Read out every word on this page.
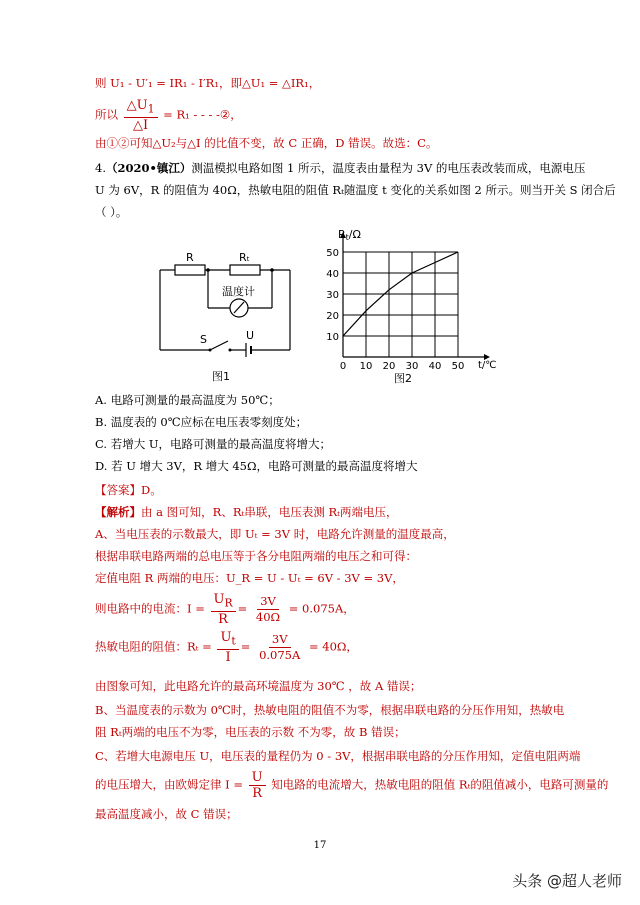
则 U₁ - U′₁ = IR₁ - I′R₁，即△U₁ = △IR₁，
所以 $\frac{\triangle U_1}{\triangle I} = R_1$ - - - -②，
由①②可知△U₂与△I 的比值不变，故 C 正确，D 错误。故选：C。
4.（2020•镇江）测温模拟电路如图 1 所示，温度表由量程为 3V 的电压表改装而成，电源电压
U 为 6V，R 的阻值为 40Ω，热敏电阻的阻值 Rₜ随温度 t 变化的关系如图 2 所示。则当开关 S 闭合后
（ ）。
R	Rₜ
温度计
S	U
图1
0 10 20 30 40 50
10
20
30
40
50
Rt/Ω
t/℃
图2
A. 电路可测量的最高温度为 50℃；
B. 温度表的 0℃应标在电压表零刻度处；
C. 若增大 U，电路可测量的最高温度将增大；
D. 若 U 增大 3V，R 增大 45Ω，电路可测量的最高温度将增大
【答案】D。
【解析】由 a 图可知，R、Rₜ串联，电压表测 Rₜ两端电压，
A、当电压表的示数最大，即 Uₜ = 3V 时，电路允许测量的温度最高，
根据串联电路两端的总电压等于各分电阻两端的电压之和可得：
定值电阻 R 两端的电压：U_R = U - Uₜ = 6V - 3V = 3V，
则电路中的电流：$I = \frac{U_R}{R} = \frac{3V}{40\Omega} = 0.075A$，
热敏电阻的阻值：$R_t = \frac{U_t}{I} = \frac{3V}{0.075A} = 40\Omega$，
由图象可知，此电路允许的最高环境温度为 30℃ ，故 A 错误；
B、当温度表的示数为 0℃时，热敏电阻的阻值不为零，根据串联电路的分压作用知，热敏电
阻 Rₜ两端的电压不为零，电压表的示数 不为零，故 B 错误；
C、若增大电源电压 U，电压表的量程仍为 0 - 3V，根据串联电路的分压作用知，定值电阻两端
的电压增大，由欧姆定律 $I = \frac{U}{R}$ 知电路的电流增大，热敏电阻的阻值 Rₜ的阻值减小，电路可测量的
最高温度减小，故 C 错误；
17
头条 @超人老师
